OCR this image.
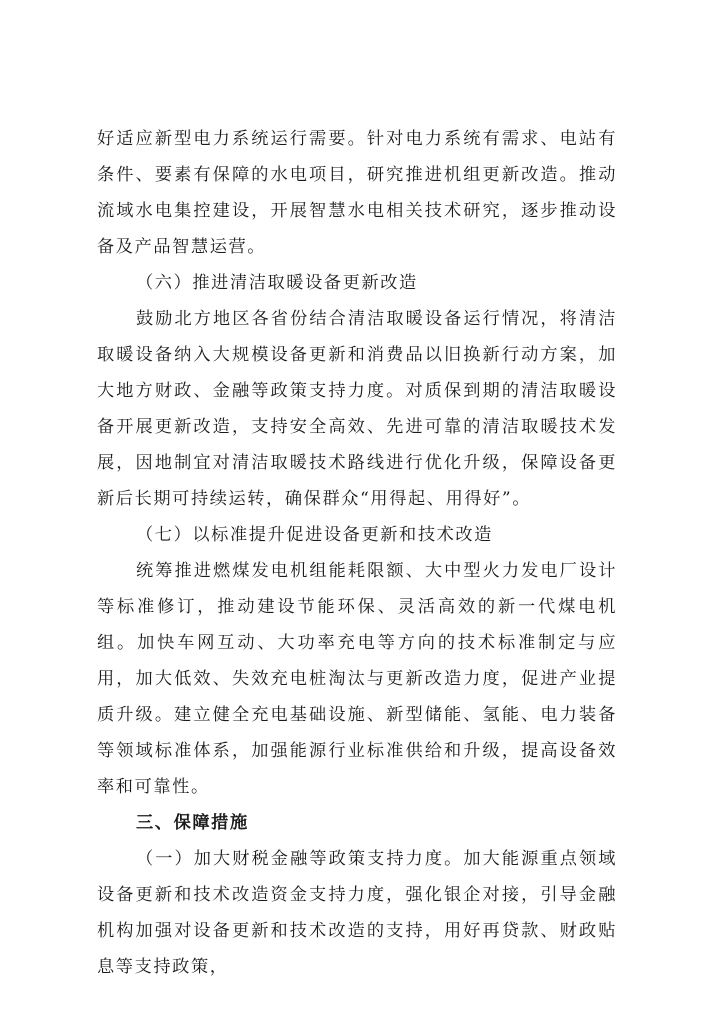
好适应新型电力系统运行需要。针对电力系统有需求、电站有条件、要素有保障的水电项目，研究推进机组更新改造。推动流域水电集控建设，开展智慧水电相关技术研究，逐步推动设备及产品智慧运营。

（六）推进清洁取暖设备更新改造

鼓励北方地区各省份结合清洁取暖设备运行情况，将清洁取暖设备纳入大规模设备更新和消费品以旧换新行动方案，加大地方财政、金融等政策支持力度。对质保到期的清洁取暖设备开展更新改造，支持安全高效、先进可靠的清洁取暖技术发展，因地制宜对清洁取暖技术路线进行优化升级，保障设备更新后长期可持续运转，确保群众“用得起、用得好”。

（七）以标准提升促进设备更新和技术改造

统筹推进燃煤发电机组能耗限额、大中型火力发电厂设计等标准修订，推动建设节能环保、灵活高效的新一代煤电机组。加快车网互动、大功率充电等方向的技术标准制定与应用，加大低效、失效充电桩淘汰与更新改造力度，促进产业提质升级。建立健全充电基础设施、新型储能、氢能、电力装备等领域标准体系，加强能源行业标准供给和升级，提高设备效率和可靠性。

三、保障措施

（一）加大财税金融等政策支持力度。加大能源重点领域设备更新和技术改造资金支持力度，强化银企对接，引导金融机构加强对设备更新和技术改造的支持，用好再贷款、财政贴息等支持政策，
